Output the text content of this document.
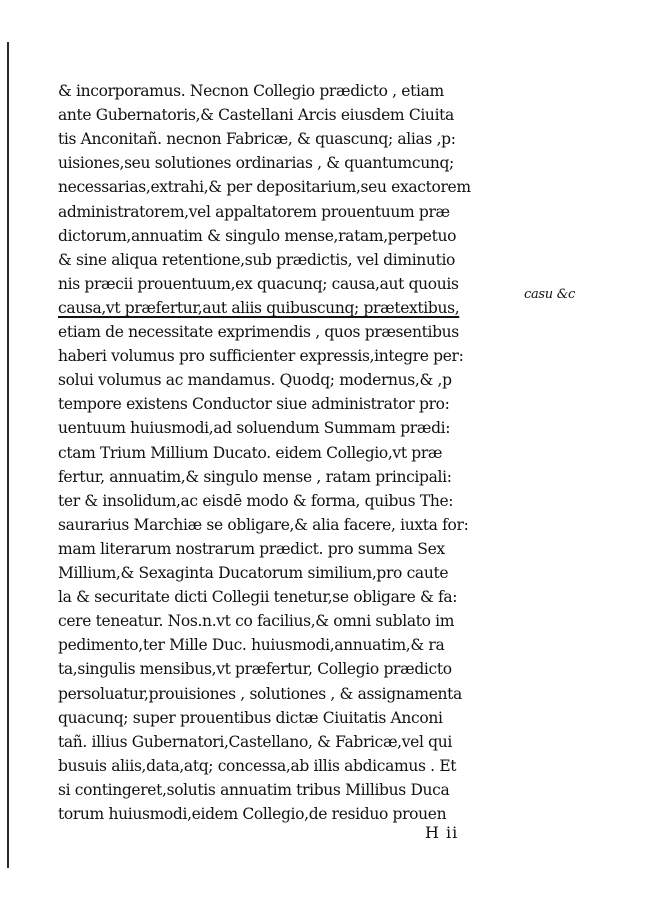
& incorporamus. Necnon Collegio prædicto , etiam
ante Gubernatoris,& Castellani Arcis eiusdem Ciuita
tis Anconitañ. necnon Fabricæ, & quascunq; alias ,p:
uisiones,seu solutiones ordinarias , & quantumcunq;
necessarias,extrahi,& per depositarium,seu exactorem
administratorem,vel appaltatorem prouentuum præ
dictorum,annuatim & singulo mense,ratam,perpetuo
& sine aliqua retentione,sub prædictis, vel diminutio
nis præcii prouentuum,ex quacunq; causa,aut quouis
causa,vt præfertur,aut aliis quibuscunq; prætextibus,
etiam de necessitate exprimendis , quos præsentibus
haberi volumus pro sufficienter expressis,integre per:
solui volumus ac mandamus. Quodq; modernus,& ,p
tempore existens Conductor siue administrator pro:
uentuum huiusmodi,ad soluendum Summam prædi:
ctam Trium Millium Ducato. eidem Collegio,vt præ
fertur, annuatim,& singulo mense , ratam principali:
ter & insolidum,ac eisdē modo & forma, quibus The:
saurarius Marchiæ se obligare,& alia facere, iuxta for:
mam literarum nostrarum prædict. pro summa Sex
Millium,& Sexaginta Ducatorum similium,pro caute
la & securitate dicti Collegii tenetur,se obligare & fa:
cere teneatur. Nos.n.vt co facilius,& omni sublato im
pedimento,ter Mille Duc. huiusmodi,annuatim,& ra
ta,singulis mensibus,vt præfertur, Collegio prædicto
persoluatur,prouisiones , solutiones , & assignamenta
quacunq; super prouentibus dictæ Ciuitatis Anconi
tañ. illius Gubernatori,Castellano, & Fabricæ,vel qui
busuis aliis,data,atq; concessa,ab illis abdicamus . Et
si contingeret,solutis annuatim tribus Millibus Duca
torum huiusmodi,eidem Collegio,de residuo prouen
casu &c
H ii
